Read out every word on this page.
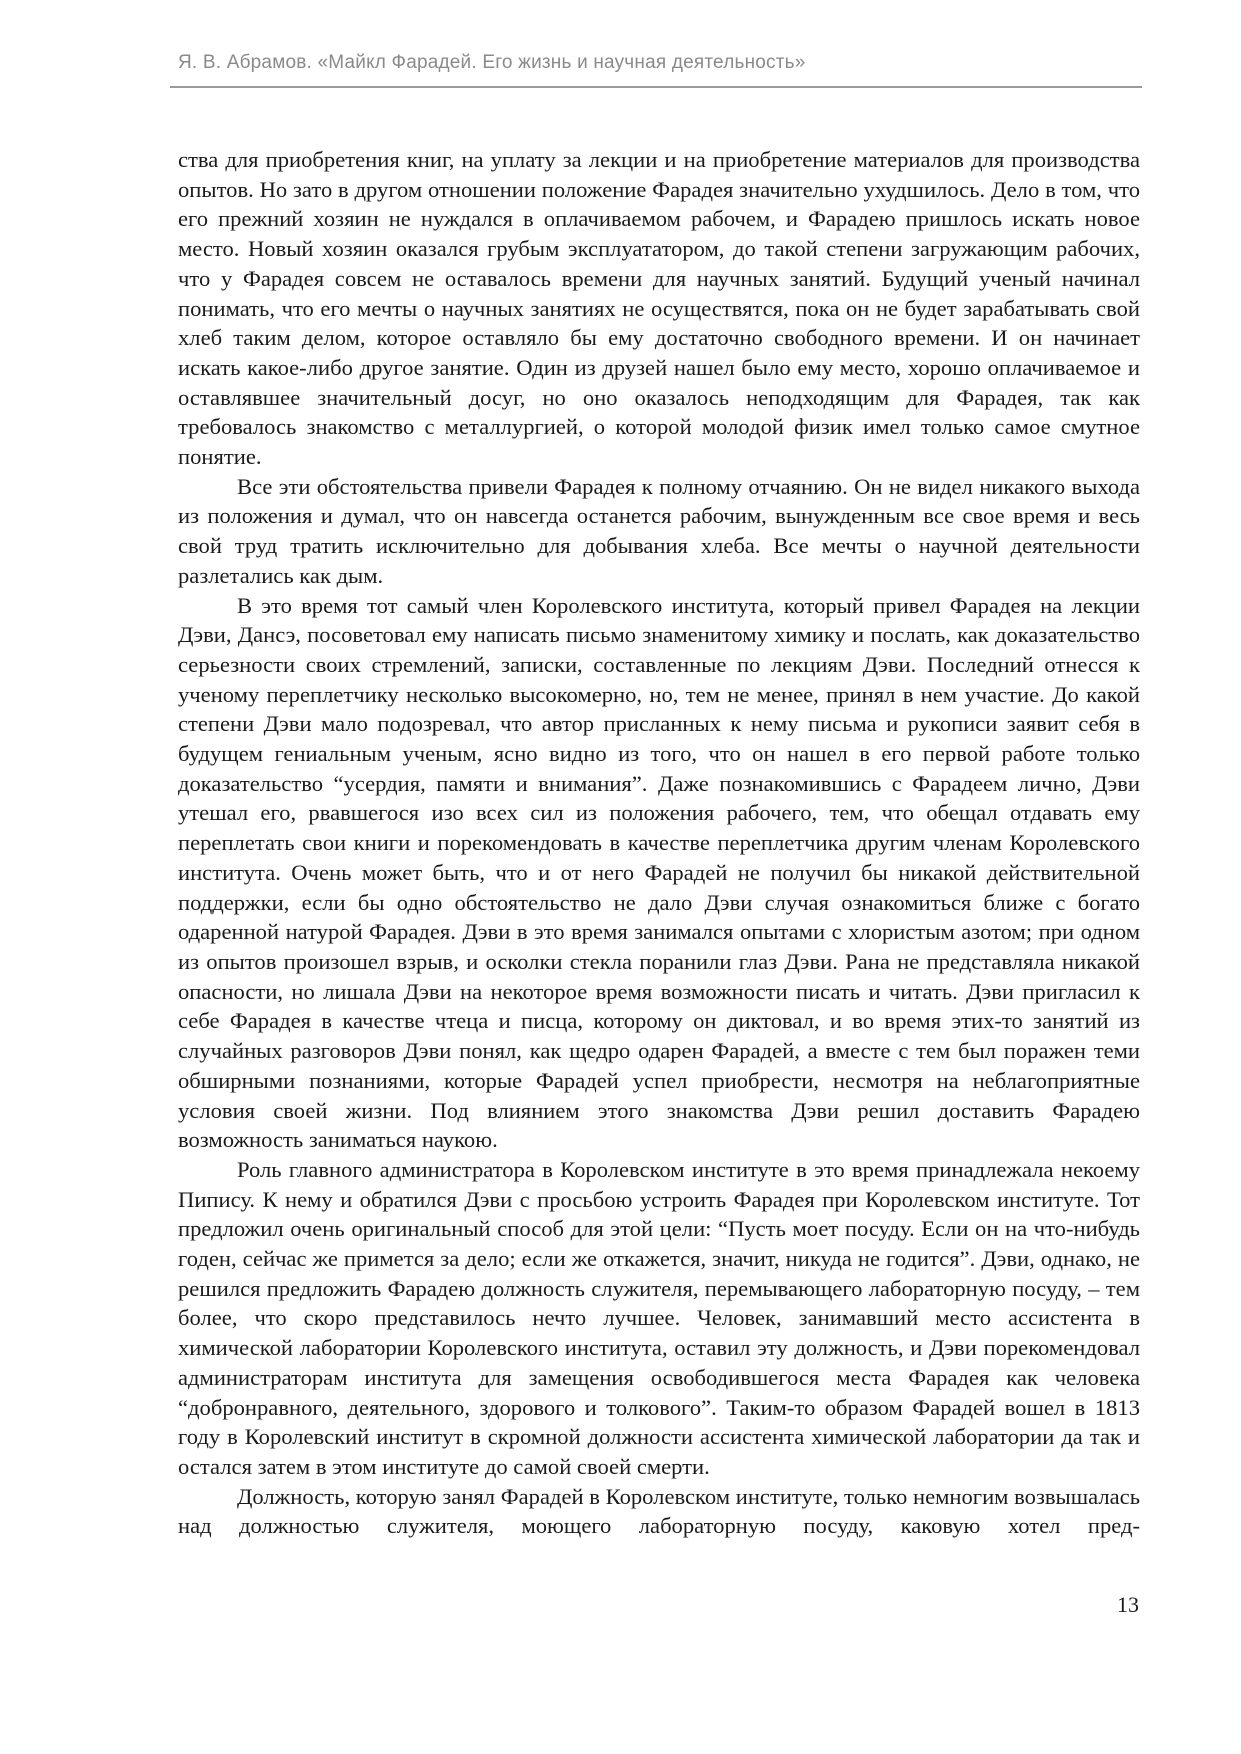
Я. В. Абрамов. «Майкл Фарадей. Его жизнь и научная деятельность»

ства для приобретения книг, на уплату за лекции и на приобретение материалов для производства опытов. Но зато в другом отношении положение Фарадея значительно ухудшилось. Дело в том, что его прежний хозяин не нуждался в оплачиваемом рабочем, и Фарадею пришлось искать новое место. Новый хозяин оказался грубым эксплуататором, до такой степени загружающим рабочих, что у Фарадея совсем не оставалось времени для научных занятий. Будущий ученый начинал понимать, что его мечты о научных занятиях не осуществятся, пока он не будет зарабатывать свой хлеб таким делом, которое оставляло бы ему достаточно свободного времени. И он начинает искать какое-либо другое занятие. Один из друзей нашел было ему место, хорошо оплачиваемое и оставлявшее значительный досуг, но оно оказалось неподходящим для Фарадея, так как требовалось знакомство с металлургией, о которой молодой физик имел только самое смутное понятие.

Все эти обстоятельства привели Фарадея к полному отчаянию. Он не видел никакого выхода из положения и думал, что он навсегда останется рабочим, вынужденным все свое время и весь свой труд тратить исключительно для добывания хлеба. Все мечты о научной деятельности разлетались как дым.

В это время тот самый член Королевского института, который привел Фарадея на лекции Дэви, Дансэ, посоветовал ему написать письмо знаменитому химику и послать, как доказательство серьезности своих стремлений, записки, составленные по лекциям Дэви. Последний отнесся к ученому переплетчику несколько высокомерно, но, тем не менее, принял в нем участие. До какой степени Дэви мало подозревал, что автор присланных к нему письма и рукописи заявит себя в будущем гениальным ученым, ясно видно из того, что он нашел в его первой работе только доказательство “усердия, памяти и внимания”. Даже познакомившись с Фарадеем лично, Дэви утешал его, рвавшегося изо всех сил из положения рабочего, тем, что обещал отдавать ему переплетать свои книги и порекомендовать в качестве переплетчика другим членам Королевского института. Очень может быть, что и от него Фарадей не получил бы никакой действительной поддержки, если бы одно обстоятельство не дало Дэви случая ознакомиться ближе с богато одаренной натурой Фарадея. Дэви в это время занимался опытами с хлористым азотом; при одном из опытов произошел взрыв, и осколки стекла поранили глаз Дэви. Рана не представляла никакой опасности, но лишала Дэви на некоторое время возможности писать и читать. Дэви пригласил к себе Фарадея в качестве чтеца и писца, которому он диктовал, и во время этих-то занятий из случайных разговоров Дэви понял, как щедро одарен Фарадей, а вместе с тем был поражен теми обширными познаниями, которые Фарадей успел приобрести, несмотря на неблагоприятные условия своей жизни. Под влиянием этого знакомства Дэви решил доставить Фарадею возможность заниматься наукою.

Роль главного администратора в Королевском институте в это время принадлежала некоему Пипису. К нему и обратился Дэви с просьбою устроить Фарадея при Королевском институте. Тот предложил очень оригинальный способ для этой цели: “Пусть моет посуду. Если он на что-нибудь годен, сейчас же примется за дело; если же откажется, значит, никуда не годится”. Дэви, однако, не решился предложить Фарадею должность служителя, перемывающего лабораторную посуду, – тем более, что скоро представилось нечто лучшее. Человек, занимавший место ассистента в химической лаборатории Королевского института, оставил эту должность, и Дэви порекомендовал администраторам института для замещения освободившегося места Фарадея как человека “добронравного, деятельного, здорового и толкового”. Таким-то образом Фарадей вошел в 1813 году в Королевский институт в скромной должности ассистента химической лаборатории да так и остался затем в этом институте до самой своей смерти.

Должность, которую занял Фарадей в Королевском институте, только немногим возвышалась над должностью служителя, моющего лабораторную посуду, каковую хотел пред-

13
